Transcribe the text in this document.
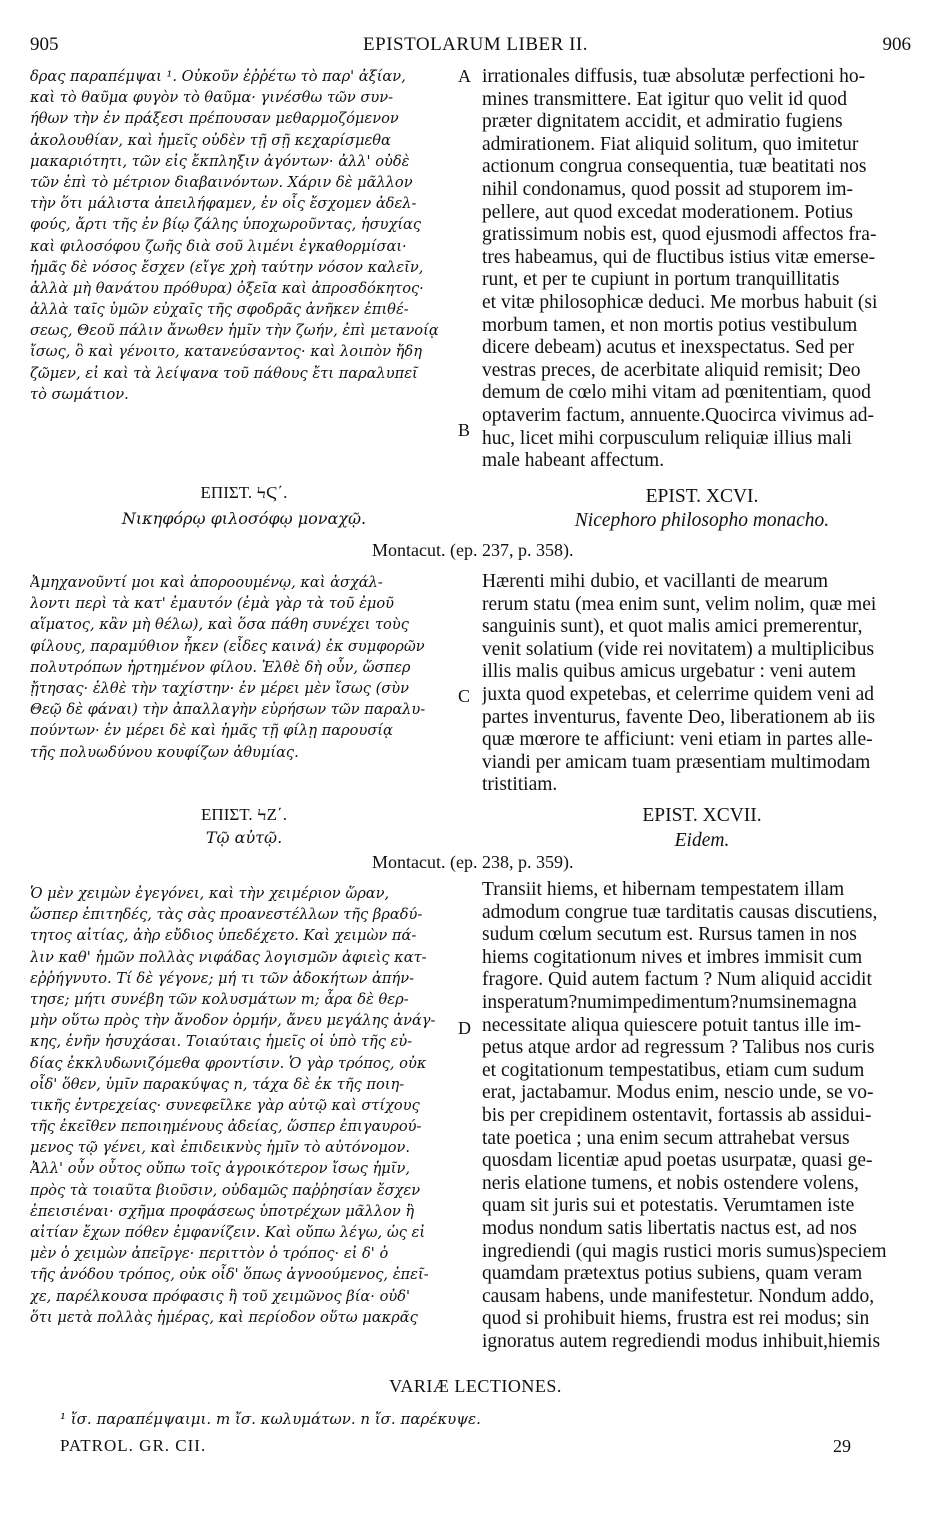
905	EPISTOLARUM LIBER II.	906
δρας παραπέμψαι ¹. Οὐκοῦν ἐῤῥέτω τὸ παρ' ἀξίαν,
καὶ τὸ θαῦμα φυγὸν τὸ θαῦμα· γινέσθω τῶν συν-
ήθων τὴν ἐν πράξεσι πρέπουσαν μεθαρμοζόμενον
ἀκολουθίαν, καὶ ἡμεῖς οὐδὲν τῇ σῇ κεχαρίσμεθα
μακαριότητι, τῶν εἰς ἔκπληξιν ἀγόντων· ἀλλ' οὐδὲ
τῶν ἐπὶ τὸ μέτριον διαβαινόντων. Χάριν δὲ μᾶλλον
τὴν ὅτι μάλιστα ἀπειλήφαμεν, ἐν οἷς ἔσχομεν ἀδελ-
φούς, ἄρτι τῆς ἐν βίῳ ζάλης ὑποχωροῦντας, ἡσυχίας
καὶ φιλοσόφου ζωῆς διὰ σοῦ λιμένι ἐγκαθορμίσαι·
ἡμᾶς δὲ νόσος ἔσχεν (εἴγε χρὴ ταύτην νόσον καλεῖν,
ἀλλὰ μὴ θανάτου πρόθυρα) ὀξεῖα καὶ ἀπροσδόκητος·
ἀλλὰ ταῖς ὑμῶν εὐχαῖς τῆς σφοδρᾶς ἀνῆκεν ἐπιθέ-
σεως, Θεοῦ πάλιν ἄνωθεν ἡμῖν τὴν ζωήν, ἐπὶ μετανοίᾳ
ἴσως, ὃ καὶ γένοιτο, κατανεύσαντος· καὶ λοιπὸν ἤδη
ζῶμεν, εἰ καὶ τὰ λείψανα τοῦ πάθους ἔτι παραλυπεῖ
τὸ σωμάτιον.
irrationales diffusis, tuæ absolutæ perfectioni ho-
mines transmittere. Eat igitur quo velit id quod
præter dignitatem accidit, et admiratio fugiens
admirationem. Fiat aliquid solitum, quo imitetur
actionum congrua consequentia, tuæ beatitati nos
nihil condonamus, quod possit ad stuporem im-
pellere, aut quod excedat moderationem. Potius
gratissimum nobis est, quod ejusmodi affectos fra-
tres habeamus, qui de fluctibus istius vitæ emerse-
runt, et per te cupiunt in portum tranquillitatis
et vitæ philosophicæ deduci. Me morbus habuit (si
morbum tamen, et non mortis potius vestibulum
dicere debeam) acutus et inexspectatus. Sed per
vestras preces, de acerbitate aliquid remisit; Deo
demum de cœlo mihi vitam ad pœnitentiam, quod
optaverim factum, annuente.Quocirca vivimus ad-
huc, licet mihi corpusculum reliquiæ illius mali
male habeant affectum.
ΕΠΙΣΤ. ϞϚ΄.
Νικηφόρῳ φιλοσόφῳ μοναχῷ.
EPIST. XCVI.
Nicephoro philosopho monacho.
Montacut. (ep. 237, p. 358).
Ἀμηχανοῦντί μοι καὶ ἀποροουμένῳ, καὶ ἀσχάλ-
λοντι περὶ τὰ κατ' ἐμαυτόν (ἐμὰ γὰρ τὰ τοῦ ἐμοῦ
αἵματος, κἂν μὴ θέλω), καὶ ὅσα πάθη συνέχει τοὺς
φίλους, παραμύθιον ἧκεν (εἶδες καινά) ἐκ συμφορῶν
πολυτρόπων ἠρτημένον φίλου. Ἐλθὲ δὴ οὖν, ὥσπερ
ᾔτησας· ἐλθὲ τὴν ταχίστην· ἐν μέρει μὲν ἴσως (σὺν
Θεῷ δὲ φάναι) τὴν ἀπαλλαγὴν εὑρήσων τῶν παραλυ-
πούντων· ἐν μέρει δὲ καὶ ἡμᾶς τῇ φίλῃ παρουσίᾳ
τῆς πολυωδύνου κουφίζων ἀθυμίας.
Hærenti mihi dubio, et vacillanti de mearum
rerum statu (mea enim sunt, velim nolim, quæ mei
sanguinis sunt), et quot malis amici premerentur,
venit solatium (vide rei novitatem) a multiplicibus
illis malis quibus amicus urgebatur : veni autem
juxta quod expetebas, et celerrime quidem veni ad
partes inventurus, favente Deo, liberationem ab iis
quæ mœrore te afficiunt: veni etiam in partes alle-
viandi per amicam tuam præsentiam multimodam
tristitiam.
ΕΠΙΣΤ. ϞΖ΄.
Τῷ αὐτῷ.
EPIST. XCVII.
Eidem.
Montacut. (ep. 238, p. 359).
Ὁ μὲν χειμὼν ἐγεγόνει, καὶ τὴν χειμέριον ὥραν,
ὥσπερ ἐπιτηδές, τὰς σὰς προανεστέλλων τῆς βραδύ-
τητος αἰτίας, ἀὴρ εὔδιος ὑπεδέχετο. Καὶ χειμὼν πά-
λιν καθ' ἡμῶν πολλὰς νιφάδας λογισμῶν ἀφιεὶς κατ-
εῤῥήγνυτο. Τί δὲ γέγονε; μή τι τῶν ἀδοκήτων ἀπήν-
τησε; μήτι συνέβη τῶν κολυσμάτων m; ἆρα δὲ θερ-
μὴν οὕτω πρὸς τὴν ἄνοδον ὁρμήν, ἄνευ μεγάλης ἀνάγ-
κης, ἐνῆν ἡσυχάσαι. Τοιαύταις ἡμεῖς οἱ ὑπὸ τῆς εὐ-
δίας ἐκκλυδωνιζόμεθα φροντίσιν. Ὁ γὰρ τρόπος, οὐκ
οἶδ' ὅθεν, ὑμῖν παρακύψας n, τάχα δὲ ἐκ τῆς ποιη-
τικῆς ἐντρεχείας· συνεφεῖλκε γὰρ αὐτῷ καὶ στίχους
τῆς ἐκεῖθεν πεποιημένους ἀδείας, ὥσπερ ἐπιγαυρού-
μενος τῷ γένει, καὶ ἐπιδεικνὺς ἡμῖν τὸ αὐτόνομον.
Ἀλλ' οὖν οὗτος οὔπω τοῖς ἀγροικότερον ἴσως ἡμῖν,
πρὸς τὰ τοιαῦτα βιοῦσιν, οὐδαμῶς παῤῥησίαν ἔσχεν
ἐπεισιέναι· σχῆμα προφάσεως ὑποτρέχων μᾶλλον ἢ
αἰτίαν ἔχων πόθεν ἐμφανίζειν. Καὶ οὔπω λέγω, ὡς εἰ
μὲν ὁ χειμὼν ἀπεῖργε· περιττὸν ὁ τρόπος· εἰ δ' ὁ
τῆς ἀνόδου τρόπος, οὐκ οἶδ' ὅπως ἀγνοούμενος, ἐπεῖ-
χε, παρέλκουσα πρόφασις ἢ τοῦ χειμῶνος βία· οὐδ'
ὅτι μετὰ πολλὰς ἡμέρας, καὶ περίοδον οὕτω μακρᾶς
Transiit hiems, et hibernam tempestatem illam
admodum congrue tuæ tarditatis causas discutiens,
sudum cœlum secutum est. Rursus tamen in nos
hiems cogitationum nives et imbres immisit cum
fragore. Quid autem factum ? Num aliquid accidit
insperatum?numimpedimentum?numsinemagna
necessitate aliqua quiescere potuit tantus ille im-
petus atque ardor ad regressum ? Talibus nos curis
et cogitationum tempestatibus, etiam cum sudum
erat, jactabamur. Modus enim, nescio unde, se vo-
bis per crepidinem ostentavit, fortassis ab assidui-
tate poetica ; una enim secum attrahebat versus
quosdam licentiæ apud poetas usurpatæ, quasi ge-
neris elatione tumens, et nobis ostendere volens,
quam sit juris sui et potestatis. Verumtamen iste
modus nondum satis libertatis nactus est, ad nos
ingrediendi (qui magis rustici moris sumus)speciem
quamdam prætextus potius subiens, quam veram
causam habens, unde manifestetur. Nondum addo,
quod si prohibuit hiems, frustra est rei modus; sin
ignoratus autem regrediendi modus inhibuit,hiemis
A
B
C
D
VARIÆ LECTIONES.
¹ ἴσ. παραπέμψαιμι. m ἴσ. κωλυμάτων. n ἴσ. παρέκυψε.
PATROL. GR. CII.	29
